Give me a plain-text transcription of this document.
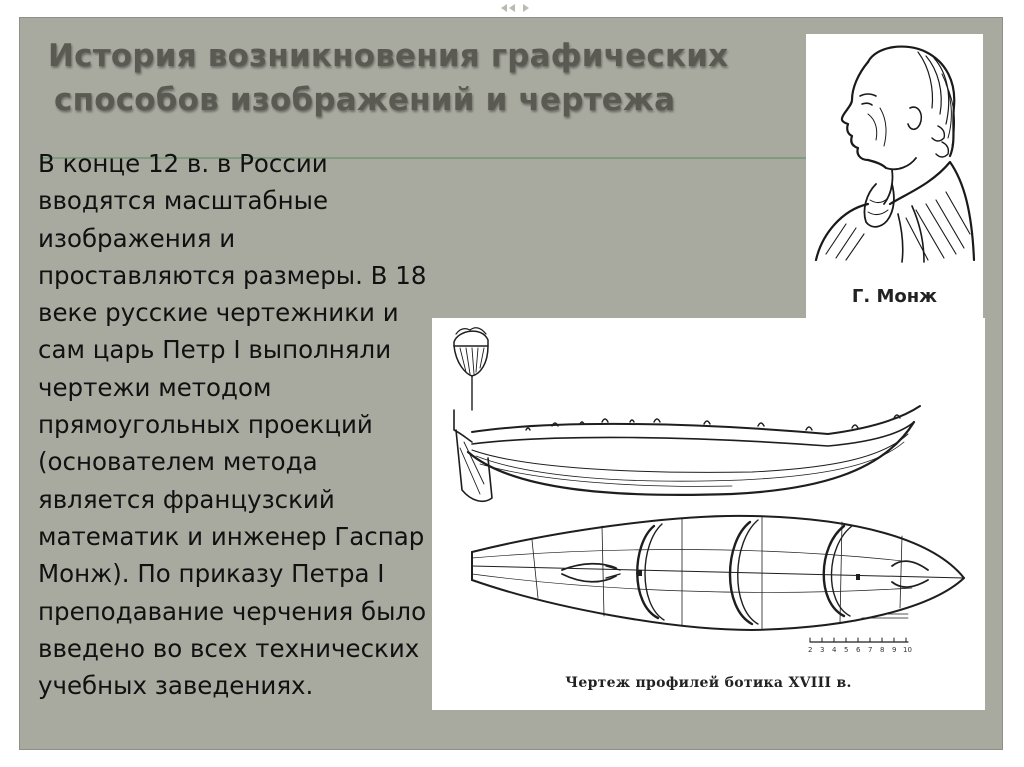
История возникновения графических
способов изображений и чертежа
Г. Монж
2 3 4 5 6 7 8 9 10
Чертеж профилей ботика XVIII в.
В конце 12 в. в России
вводятся масштабные
изображения и
проставляются размеры. В 18
веке русские чертежники и
сам царь Петр I выполняли
чертежи методом
прямоугольных проекций
(основателем метода
является французский
математик и инженер Гаспар
Монж). По приказу Петра I
преподавание черчения было
введено во всех технических
учебных заведениях.
